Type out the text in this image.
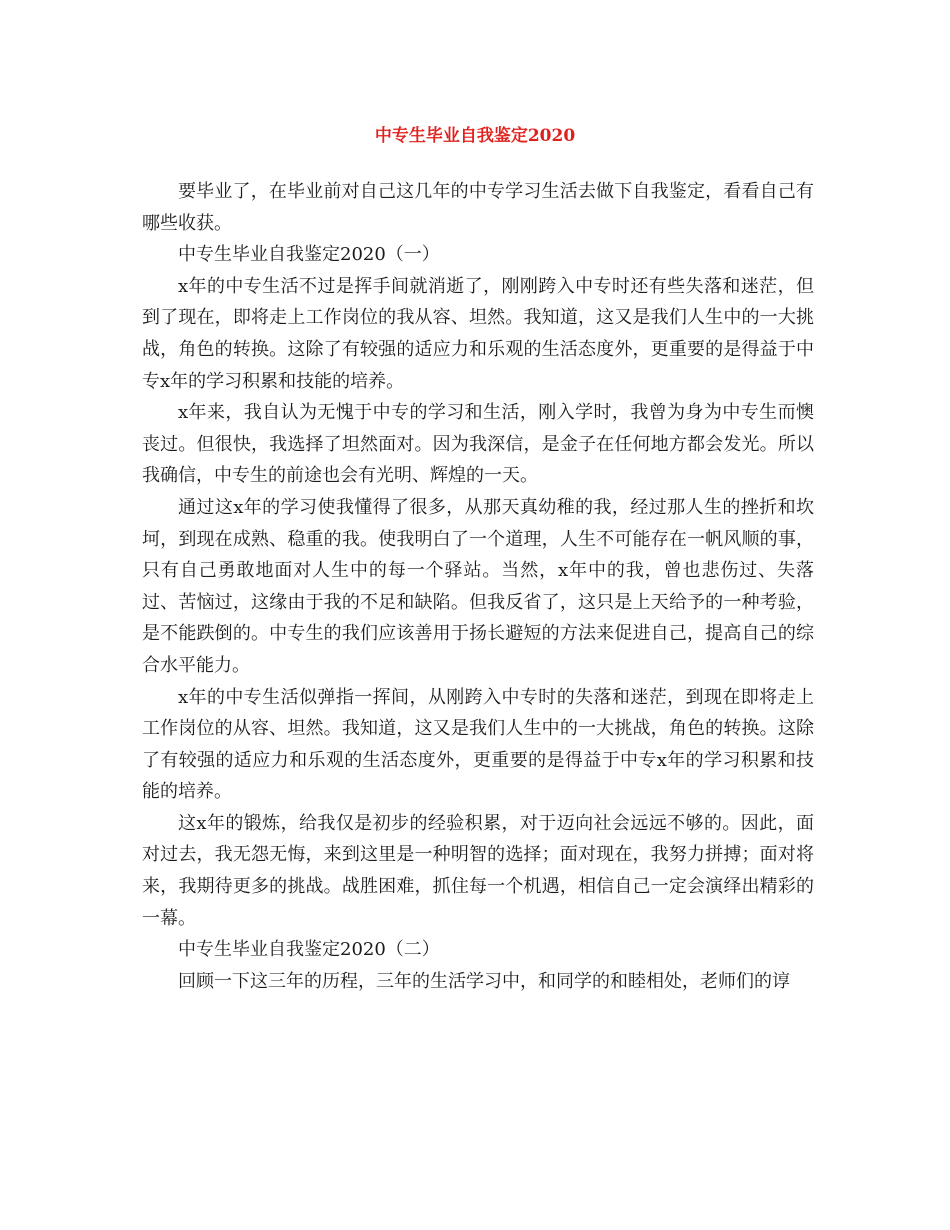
中专生毕业自我鉴定2020

要毕业了，在毕业前对自己这几年的中专学习生活去做下自我鉴定，看看自己有哪些收获。

中专生毕业自我鉴定2020（一）

x年的中专生活不过是挥手间就消逝了，刚刚跨入中专时还有些失落和迷茫，但到了现在，即将走上工作岗位的我从容、坦然。我知道，这又是我们人生中的一大挑战，角色的转换。这除了有较强的适应力和乐观的生活态度外，更重要的是得益于中专x年的学习积累和技能的培养。

x年来，我自认为无愧于中专的学习和生活，刚入学时，我曾为身为中专生而懊丧过。但很快，我选择了坦然面对。因为我深信，是金子在任何地方都会发光。所以我确信，中专生的前途也会有光明、辉煌的一天。

通过这x年的学习使我懂得了很多，从那天真幼稚的我，经过那人生的挫折和坎坷，到现在成熟、稳重的我。使我明白了一个道理，人生不可能存在一帆风顺的事，只有自己勇敢地面对人生中的每一个驿站。当然，x年中的我，曾也悲伤过、失落过、苦恼过，这缘由于我的不足和缺陷。但我反省了，这只是上天给予的一种考验，是不能跌倒的。中专生的我们应该善用于扬长避短的方法来促进自己，提高自己的综合水平能力。

x年的中专生活似弹指一挥间，从刚跨入中专时的失落和迷茫，到现在即将走上工作岗位的从容、坦然。我知道，这又是我们人生中的一大挑战，角色的转换。这除了有较强的适应力和乐观的生活态度外，更重要的是得益于中专x年的学习积累和技能的培养。

这x年的锻炼，给我仅是初步的经验积累，对于迈向社会远远不够的。因此，面对过去，我无怨无悔，来到这里是一种明智的选择；面对现在，我努力拼搏；面对将来，我期待更多的挑战。战胜困难，抓住每一个机遇，相信自己一定会演绎出精彩的一幕。

中专生毕业自我鉴定2020（二）

回顾一下这三年的历程，三年的生活学习中，和同学的和睦相处，老师们的谆
